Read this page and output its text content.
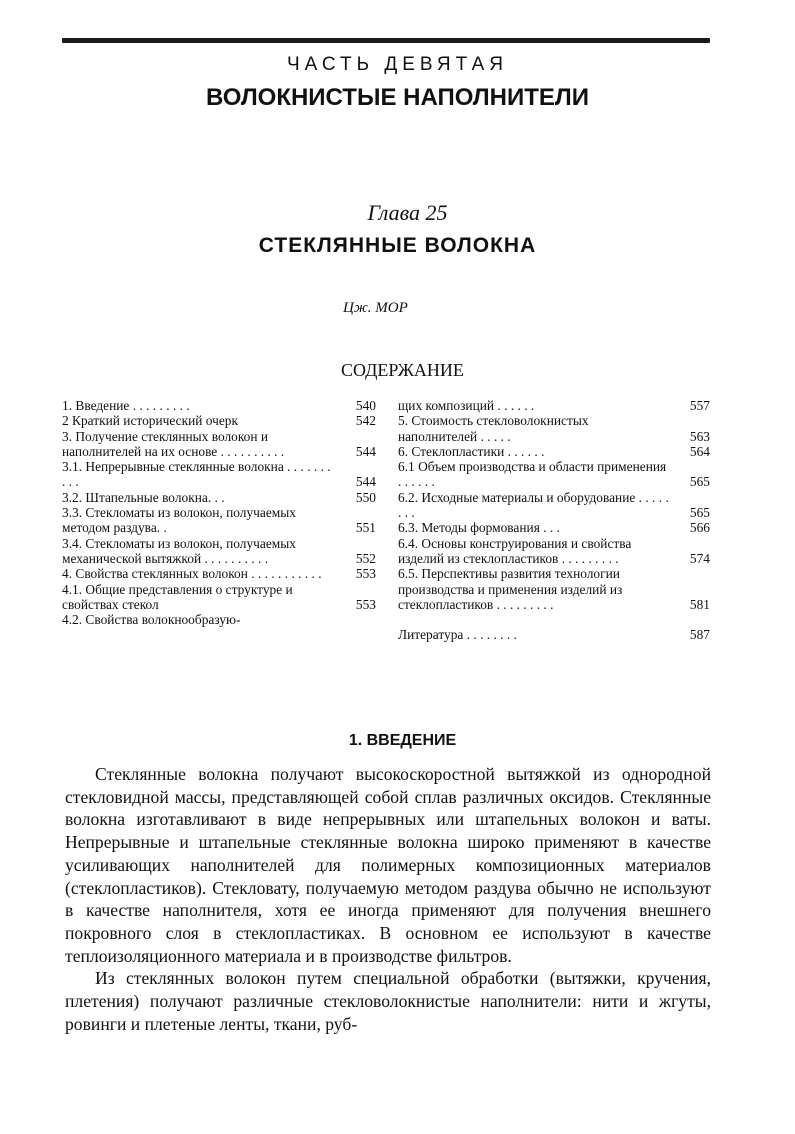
ЧАСТЬ ДЕВЯТАЯ
ВОЛОКНИСТЫЕ НАПОЛНИТЕЛИ
Глава 25
СТЕКЛЯННЫЕ ВОЛОКНА
Цж. МОР
СОДЕРЖАНИЕ
1. Введение . . . . . . . . .	540
2 Краткий исторический очерк	542
3. Получение стеклянных волокон и наполнителей на их основе . . . . . . . . . .	544
3.1. Непрерывные стеклянные волокна . . . . . . . . . .	544
3.2. Штапельные волокна. . .	550
3.3. Стекломаты из волокон, получаемых методом раздува. .	551
3.4. Стекломаты из волокон, получаемых механической вытяжкой . . . . . . . . . .	552
4. Свойства стеклянных волокон . . . . . . . . . . .	553
4.1. Общие представления о структуре и свойствах стекол	553
4.2. Свойства волокнообразую-
щих композиций . . . . . .	557
5. Стоимость стекловолокнистых наполнителей . . . . .	563
6. Стеклопластики . . . . . .	564
6.1 Объем производства и области применения . . . . . .	565
6.2. Исходные материалы и оборудование . . . . . . . .	565
6.3. Методы формования . . .	566
6.4. Основы конструирования и свойства изделий из стеклопластиков . . . . . . . . .	574
6.5. Перспективы развития технологии производства и применения изделий из стеклопластиков . . . . . . . . .	581
Литература . . . . . . . .	587
1. ВВЕДЕНИЕ

Стеклянные волокна получают высокоскоростной вытяжкой из однородной стекловидной массы, представляющей собой сплав различных оксидов. Стеклянные волокна изготавливают в виде непрерывных или штапельных волокон и ваты. Непрерывные и штапельные стеклянные волокна широко применяют в качестве усиливающих наполнителей для полимерных композиционных материалов (стеклопластиков). Стекловату, получаемую методом раздува обычно не используют в качестве наполнителя, хотя ее иногда применяют для получения внешнего покровного слоя в стеклопластиках. В основном ее используют в качестве теплоизоляционного материала и в производстве фильтров.

Из стеклянных волокон путем специальной обработки (вытяжки, кручения, плетения) получают различные стекловолокнистые наполнители: нити и жгуты, ровинги и плетеные ленты, ткани, руб-
